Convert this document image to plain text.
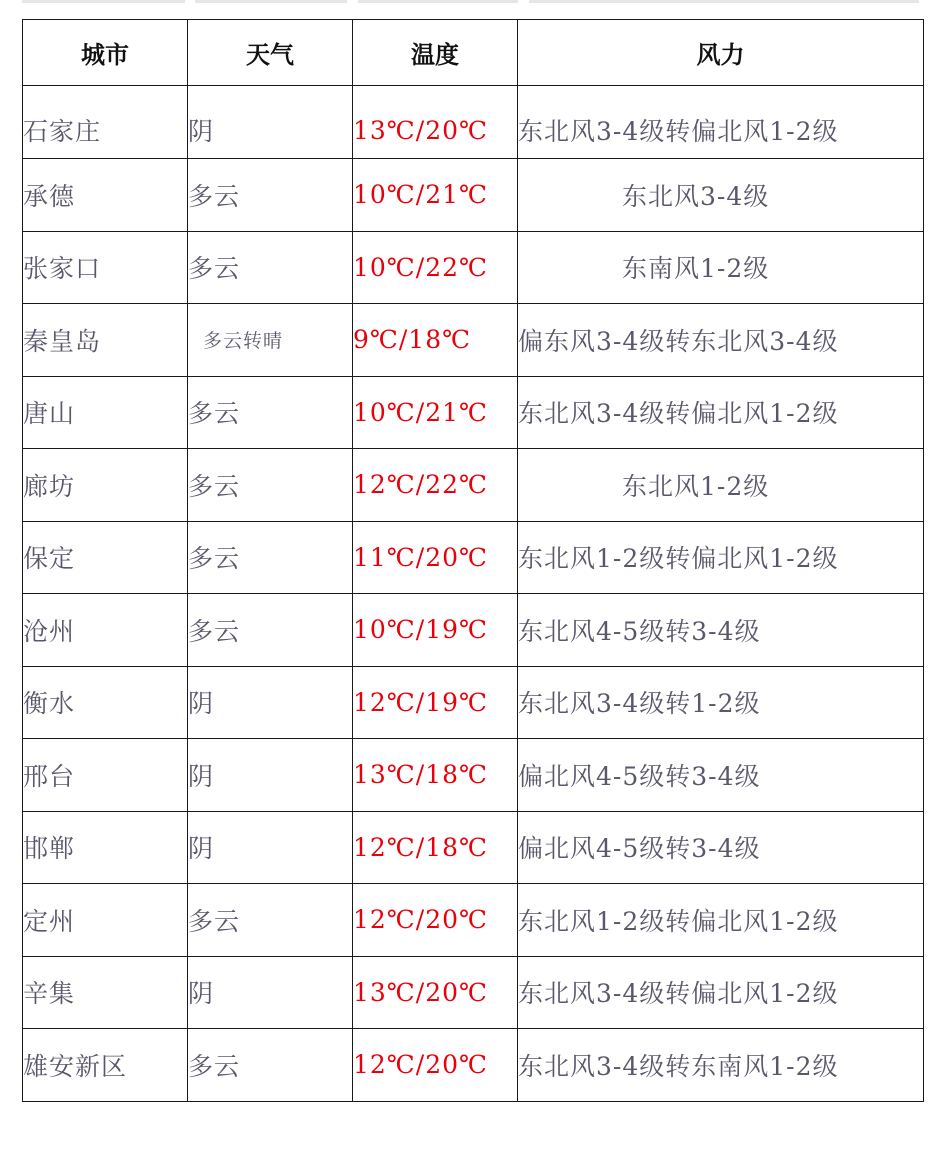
城市	天气	温度	风力
石家庄	阴	13℃/20℃	东北风3-4级转偏北风1-2级
承德	多云	10℃/21℃	东北风3-4级
张家口	多云	10℃/22℃	东南风1-2级
秦皇岛	多云转晴	9℃/18℃	偏东风3-4级转东北风3-4级
唐山	多云	10℃/21℃	东北风3-4级转偏北风1-2级
廊坊	多云	12℃/22℃	东北风1-2级
保定	多云	11℃/20℃	东北风1-2级转偏北风1-2级
沧州	多云	10℃/19℃	东北风4-5级转3-4级
衡水	阴	12℃/19℃	东北风3-4级转1-2级
邢台	阴	13℃/18℃	偏北风4-5级转3-4级
邯郸	阴	12℃/18℃	偏北风4-5级转3-4级
定州	多云	12℃/20℃	东北风1-2级转偏北风1-2级
辛集	阴	13℃/20℃	东北风3-4级转偏北风1-2级
雄安新区	多云	12℃/20℃	东北风3-4级转东南风1-2级
